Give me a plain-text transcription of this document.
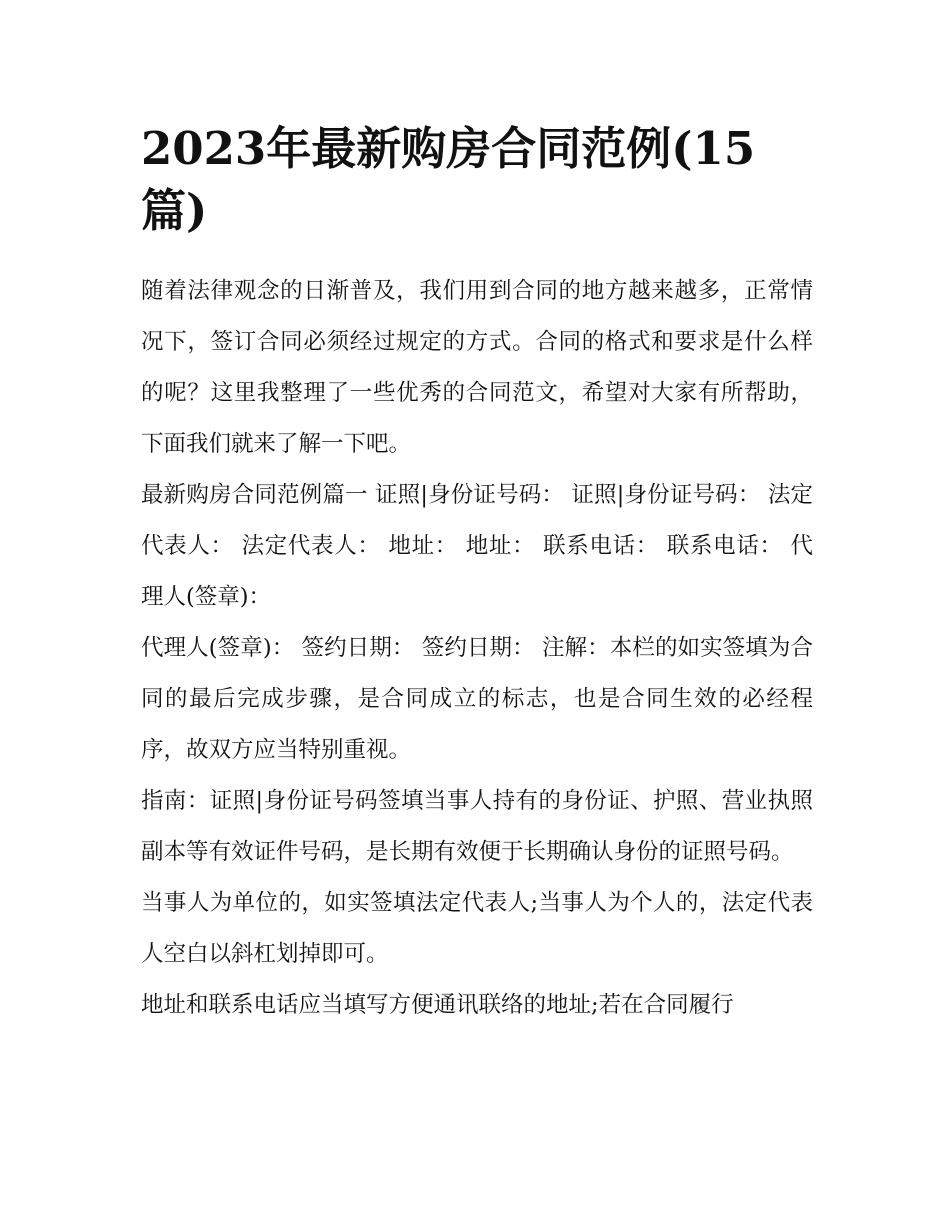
2023年最新购房合同范例(15篇)

随着法律观念的日渐普及，我们用到合同的地方越来越多，正常情况下，签订合同必须经过规定的方式。合同的格式和要求是什么样的呢？这里我整理了一些优秀的合同范文，希望对大家有所帮助，下面我们就来了解一下吧。

最新购房合同范例篇一 证照|身份证号码： 证照|身份证号码： 法定代表人： 法定代表人： 地址： 地址： 联系电话： 联系电话： 代理人(签章)：

代理人(签章)： 签约日期： 签约日期： 注解：本栏的如实签填为合同的最后完成步骤，是合同成立的标志，也是合同生效的必经程序，故双方应当特别重视。

指南：证照|身份证号码签填当事人持有的身份证、护照、营业执照副本等有效证件号码，是长期有效便于长期确认身份的证照号码。

当事人为单位的，如实签填法定代表人;当事人为个人的，法定代表人空白以斜杠划掉即可。

地址和联系电话应当填写方便通讯联络的地址;若在合同履行
